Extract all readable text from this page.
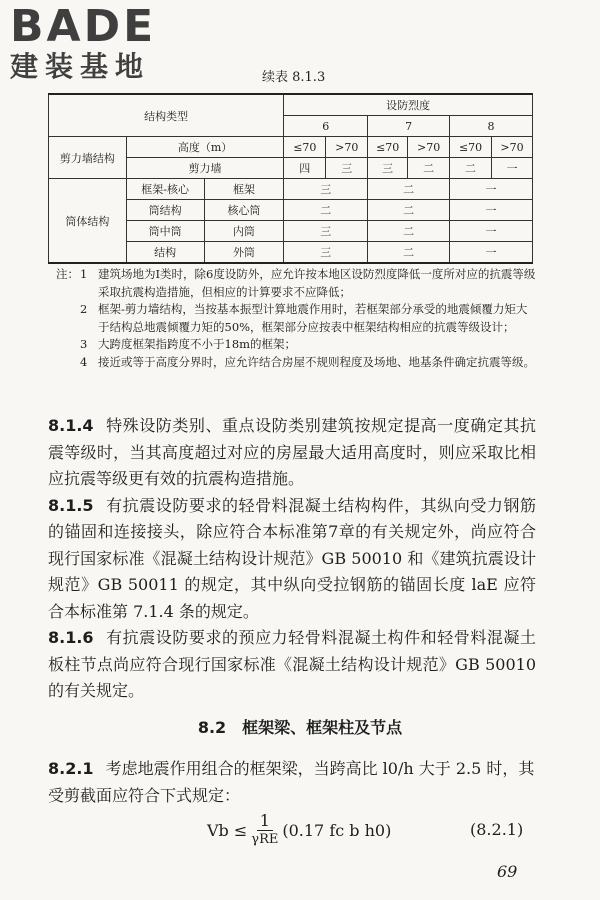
BADE
建装基地	续表 8.1.3
结构类型			设防烈度					
			6		7		8	
剪力墙结构	高度（m）		≤70	>70	≤70	>70	≤70	>70
	剪力墙		四	三	三	二	二	一
筒体结构	框架-核心	框架	三		二		一	
	筒结构	核心筒	二		二		一	
	筒中筒	内筒	三		二		一	
	结构	外筒	三		二		一	
注： 1 建筑场地为Ⅰ类时，除6度设防外，应允许按本地区设防烈度降低一度所对应的抗震等级采取抗震构造措施，但相应的计算要求不应降低；
2 框架-剪力墙结构，当按基本振型计算地震作用时，若框架部分承受的地震倾覆力矩大于结构总地震倾覆力矩的50%，框架部分应按表中框架结构相应的抗震等级设计；
3 大跨度框架指跨度不小于18m的框架；
4 接近或等于高度分界时，应允许结合房屋不规则程度及场地、地基条件确定抗震等级。

8.1.4 特殊设防类别、重点设防类别建筑按规定提高一度确定其抗震等级时，当其高度超过对应的房屋最大适用高度时，则应采取比相应抗震等级更有效的抗震构造措施。

8.1.5 有抗震设防要求的轻骨料混凝土结构构件，其纵向受力钢筋的锚固和连接接头，除应符合本标准第7章的有关规定外，尚应符合现行国家标准《混凝土结构设计规范》GB 50010 和《建筑抗震设计规范》GB 50011 的规定，其中纵向受拉钢筋的锚固长度 laE 应符合本标准第 7.1.4 条的规定。

8.1.6 有抗震设防要求的预应力轻骨料混凝土构件和轻骨料混凝土板柱节点尚应符合现行国家标准《混凝土结构设计规范》GB 50010 的有关规定。

8.2　框架梁、框架柱及节点
8.2.1 考虑地震作用组合的框架梁，当跨高比 l0/h 大于 2.5 时，其受剪截面应符合下式规定：
$Vb \le \frac{1}{\text{γRE}} (0.17$ fc b h0)	(8.2.1)
69
